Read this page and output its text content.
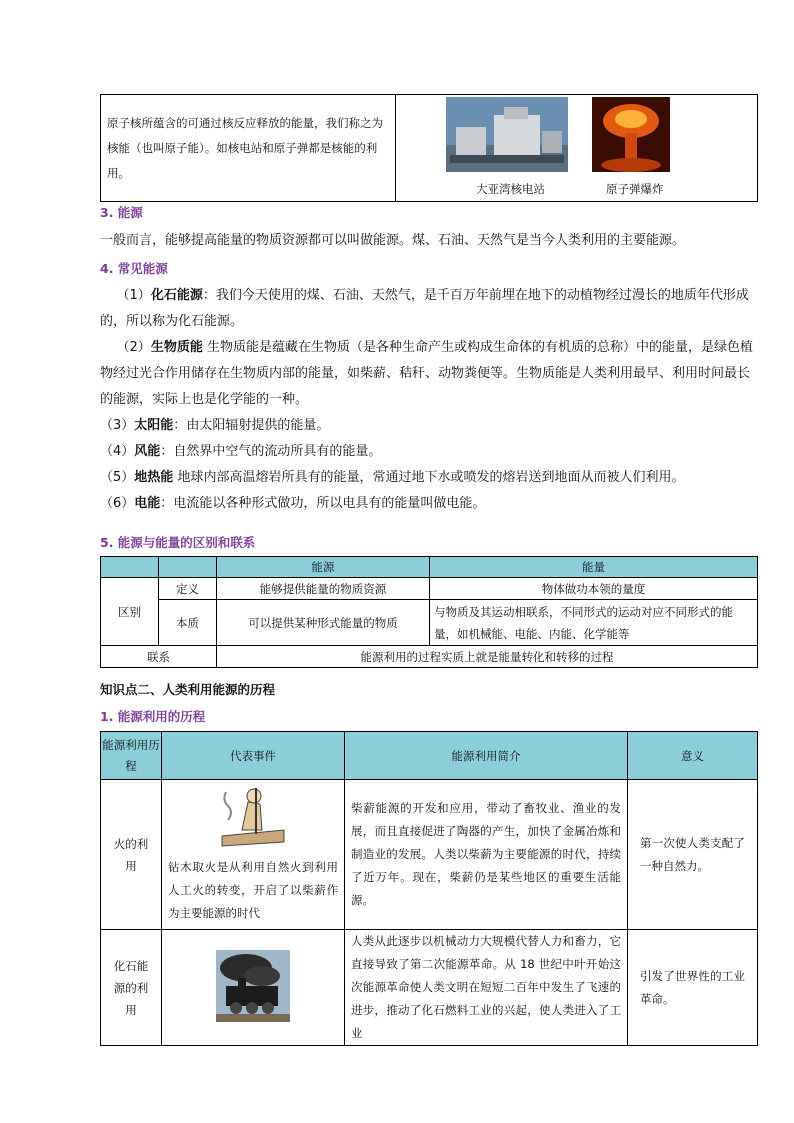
原子核所蕴含的可通过核反应释放的能量，我们称之为核能（也叫原子能）。如核电站和原子弹都是核能的利用。	
大亚湾核电站	原子弹爆炸
3. 能源
一般而言，能够提高能量的物质资源都可以叫做能源。煤、石油、天然气是当今人类利用的主要能源。
4. 常见能源
（1）化石能源：我们今天使用的煤、石油、天然气，是千百万年前埋在地下的动植物经过漫长的地质年代形成的，所以称为化石能源。
（2）生物质能 生物质能是蕴藏在生物质（是各种生命产生或构成生命体的有机质的总称）中的能量，是绿色植物经过光合作用储存在生物质内部的能量，如柴薪、秸秆、动物粪便等。生物质能是人类利用最早、利用时间最长的能源，实际上也是化学能的一种。
（3）太阳能：由太阳辐射提供的能量。
（4）风能：自然界中空气的流动所具有的能量。
（5）地热能 地球内部高温熔岩所具有的能量，常通过地下水或喷发的熔岩送到地面从而被人们利用。
（6）电能：电流能以各种形式做功，所以电具有的能量叫做电能。
5. 能源与能量的区别和联系
		能源	能量
区别	定义	能够提供能量的物质资源	物体做功本领的量度
	本质	可以提供某种形式能量的物质	与物质及其运动相联系，不同形式的运动对应不同形式的能量，如机械能、电能、内能、化学能等
联系		能源利用的过程实质上就是能量转化和转移的过程	
知识点二、人类利用能源的历程
1. 能源利用的历程
能源利用历程	代表事件	能源利用简介	意义
火的利用	钻木取火是从利用自然火到利用人工火的转变，开启了以柴薪作为主要能源的时代	柴薪能源的开发和应用，带动了畜牧业、渔业的发展，而且直接促进了陶器的产生，加快了金属冶炼和制造业的发展。人类以柴薪为主要能源的时代，持续了近万年。现在，柴薪仍是某些地区的重要生活能源。	第一次使人类支配了一种自然力。
化石能源的利用		人类从此逐步以机械动力大规模代替人力和畜力，它直接导致了第二次能源革命。从 18 世纪中叶开始这次能源革命使人类文明在短短二百年中发生了飞速的进步，推动了化石燃料工业的兴起，使人类进入了工业	引发了世界性的工业革命。
